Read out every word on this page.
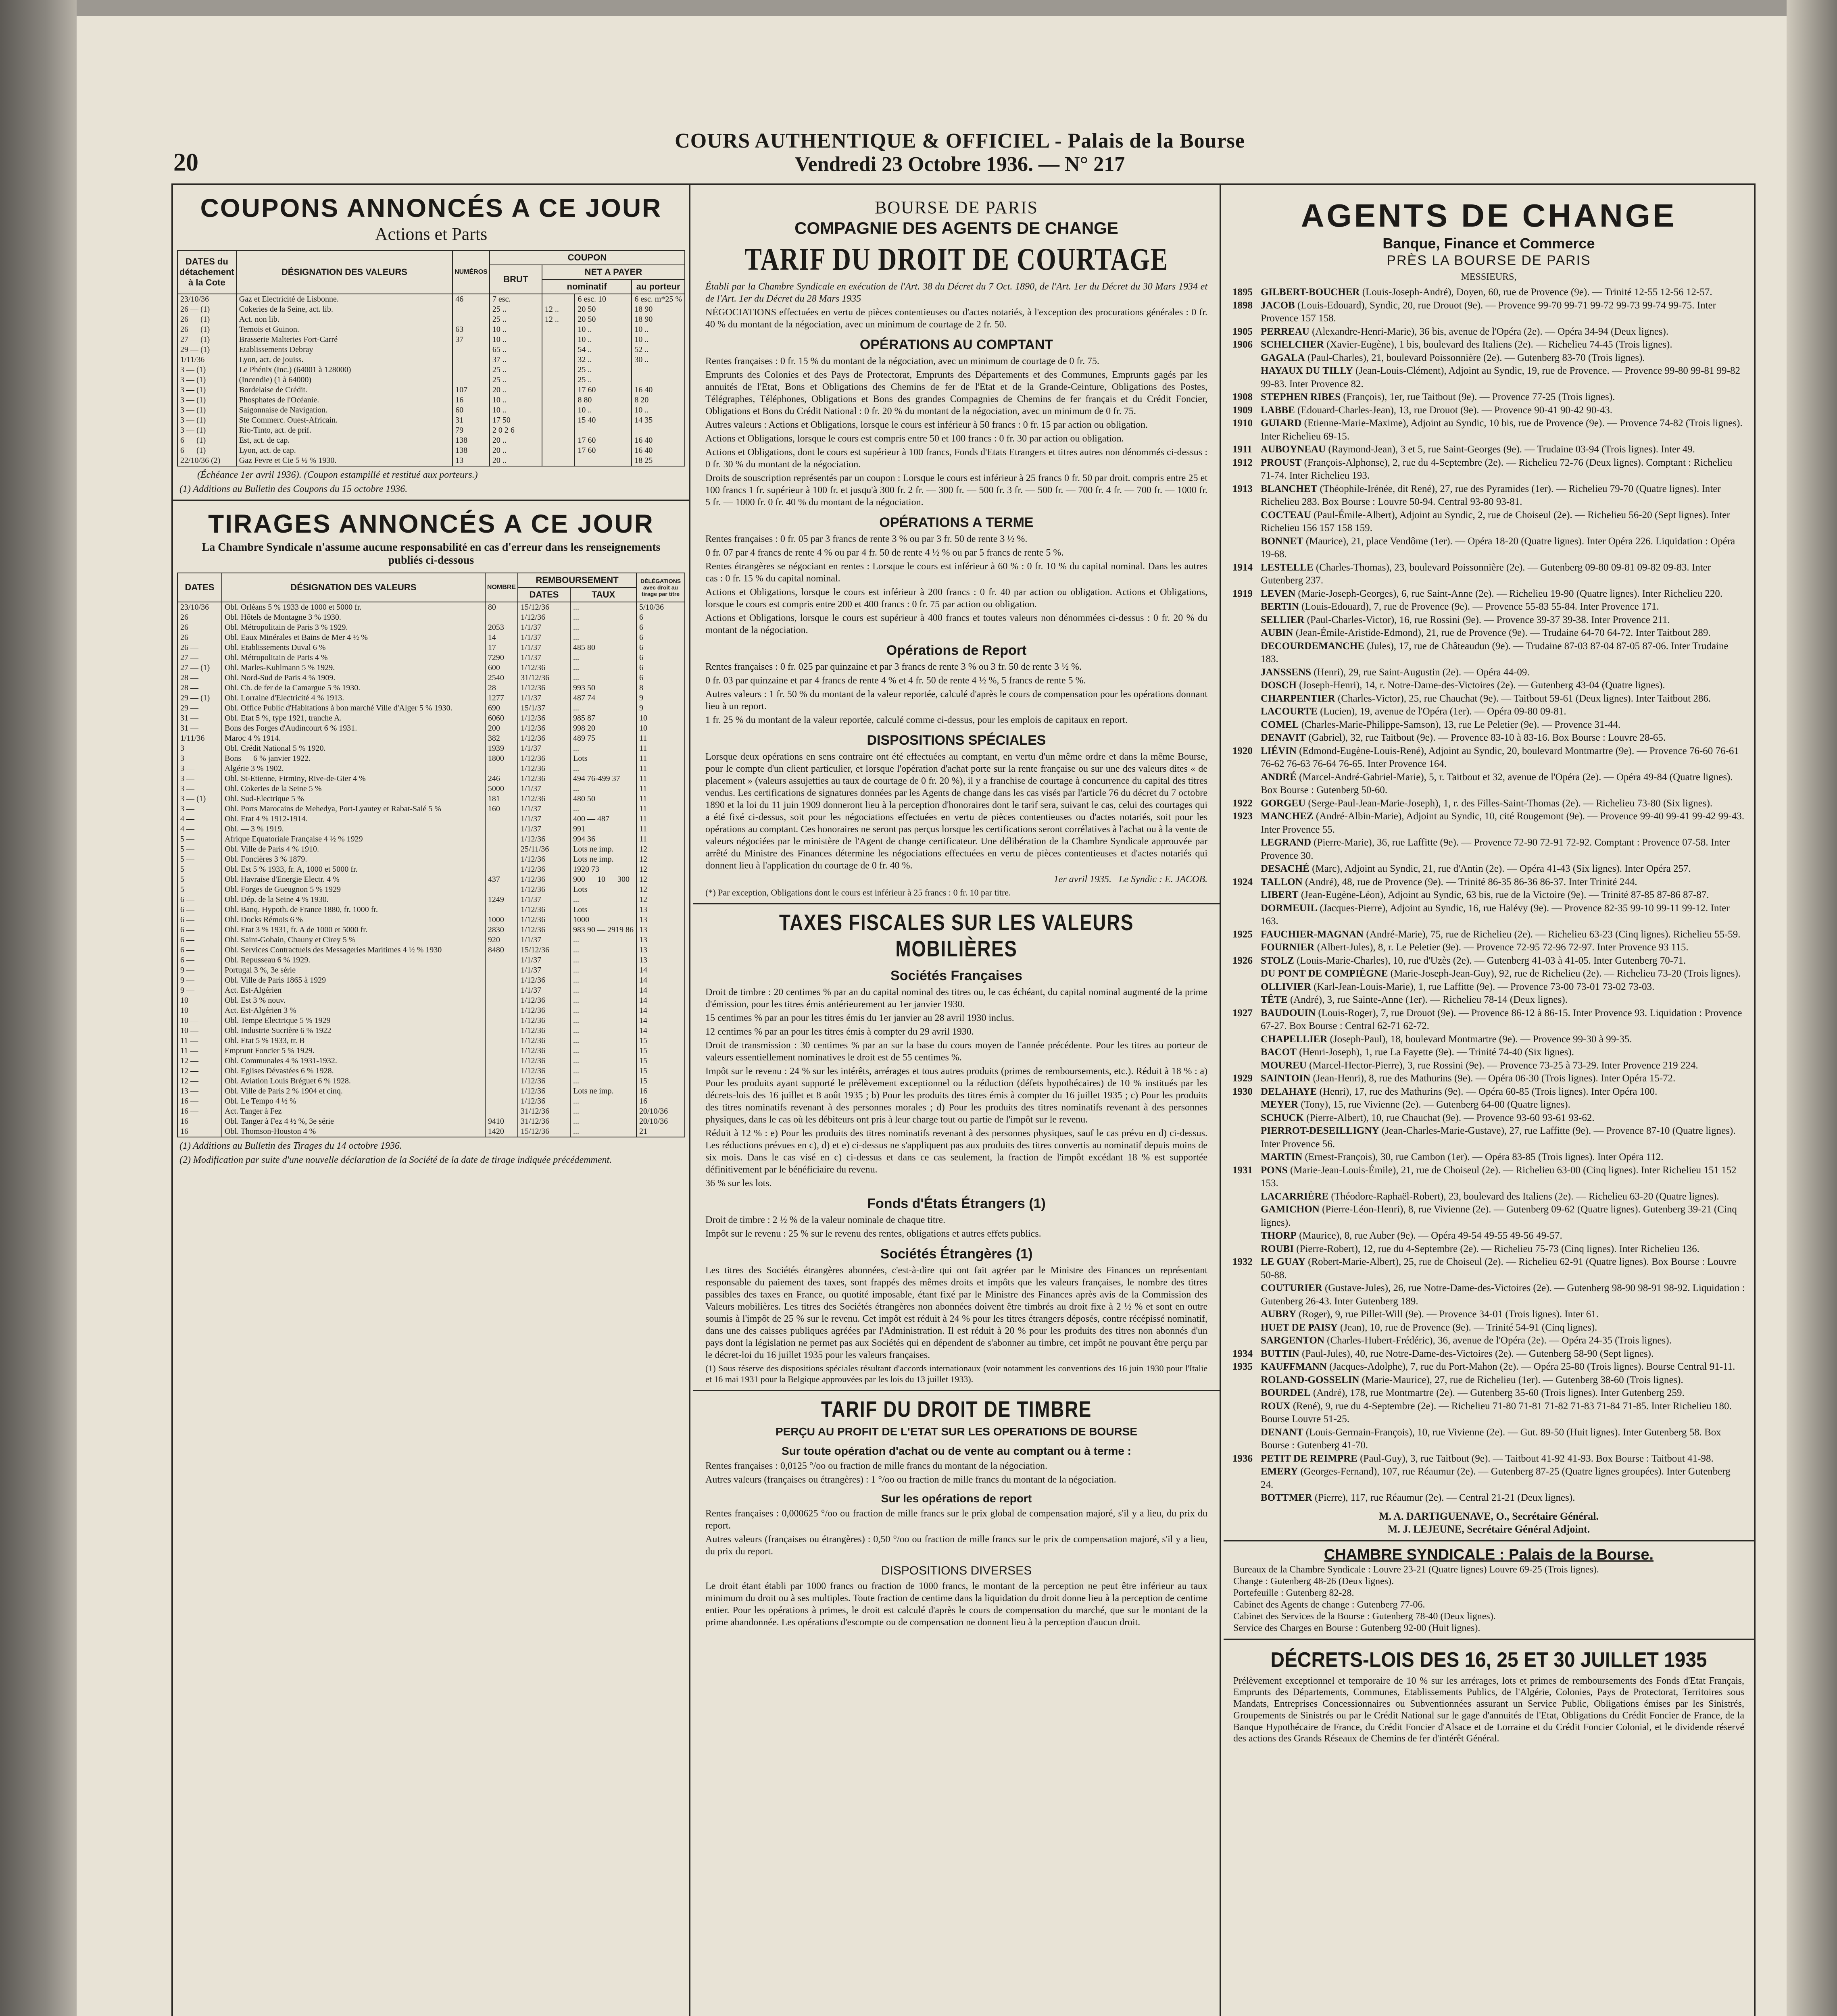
20
COURS AUTHENTIQUE & OFFICIEL - Palais de la Bourse
Vendredi 23 Octobre 1936. — N° 217
COUPONS ANNONCÉS A CE JOUR
Actions et Parts
DATES du détachement à la Cote	DÉSIGNATION DES VALEURS	NUMÉROS	COUPON			
			BRUT	NET A PAYER		
				nominatif		au porteur
23/10/36	Gaz et Electricité de Lisbonne.	46	7 esc.		6 esc. 10	6 esc. m*25 %
26 — (1)	Cokeries de la Seine, act. lib.		25 ..	12 ..	20 50	18 90
26 — (1)	Act. non lib.		25 ..	12 ..	20 50	18 90
26 — (1)	Ternois et Guinon.	63	10 ..		10 ..	10 ..
27 — (1)	Brasserie Malteries Fort-Carré	37	10 ..		10 ..	10 ..
29 — (1)	Etablissements Debray		65 ..		54 ..	52 ..
1/11/36	Lyon, act. de jouiss.		37 ..		32 ..	30 ..
3 — (1)	Le Phénix (Inc.) (64001 à 128000)		25 ..		25 ..	
3 — (1)	(Incendie) (1 à 64000)		25 ..		25 ..	
3 — (1)	Bordelaise de Crédit.	107	20 ..		17 60	16 40
3 — (1)	Phosphates de l'Océanie.	16	10 ..		8 80	8 20
3 — (1)	Saigonnaise de Navigation.	60	10 ..		10 ..	10 ..
3 — (1)	Ste Commerc. Ouest-Africain.	31	17 50		15 40	14 35
3 — (1)	Rio-Tinto, act. de prif.	79	2 0 2 6			
6 — (1)	Est, act. de cap.	138	20 ..		17 60	16 40
6 — (1)	Lyon, act. de cap.	138	20 ..		17 60	16 40
22/10/36 (2)	Gaz Fevre et Cie 5 ½ % 1930.	13	20 ..			18 25
(Échéance 1er avril 1936). (Coupon estampillé et restitué aux porteurs.)
(1) Additions au Bulletin des Coupons du 15 octobre 1936.
TIRAGES ANNONCÉS A CE JOUR
La Chambre Syndicale n'assume aucune responsabilité en cas d'erreur dans les renseignements publiés ci-dessous
DATES	DÉSIGNATION DES VALEURS	NOMBRE	REMBOURSEMENT		DÉLÉGATIONS avec droit au tirage par titre
			DATES	TAUX	
23/10/36	Obl. Orléans 5 % 1933 de 1000 et 5000 fr.	80	15/12/36	...	5/10/36
26 —	Obl. Hôtels de Montagne 3 % 1930.		1/12/36	...	6
26 —	Obl. Métropolitain de Paris 3 % 1929.	2053	1/1/37	...	6
26 —	Obl. Eaux Minérales et Bains de Mer 4 ½ %	14	1/1/37	...	6
26 —	Obl. Etablissements Duval 6 %	17	1/1/37	485 80	6
27 —	Obl. Métropolitain de Paris 4 %	7290	1/1/37	...	6
27 — (1)	Obl. Marles-Kuhlmann 5 % 1929.	600	1/12/36	...	6
28 —	Obl. Nord-Sud de Paris 4 % 1909.	2540	31/12/36	...	6
28 —	Obl. Ch. de fer de la Camargue 5 % 1930.	28	1/12/36	993 50	8
29 — (1)	Obl. Lorraine d'Electricité 4 % 1913.	1277	1/1/37	487 74	9
29 —	Obl. Office Public d'Habitations à bon marché Ville d'Alger 5 % 1930.	690	15/1/37	...	9
31 —	Obl. Etat 5 %, type 1921, tranche A.	6060	1/12/36	985 87	10
31 —	Bons des Forges d'Audincourt 6 % 1931.	200	1/12/36	998 20	10
1/11/36	Maroc 4 % 1914.	382	1/12/36	489 75	11
3 —	Obl. Crédit National 5 % 1920.	1939	1/1/37	...	11
3 —	Bons — 6 % janvier 1922.	1800	1/12/36	Lots	11
3 —	Algérie 3 % 1902.		1/12/36	...	11
3 —	Obl. St-Etienne, Firminy, Rive-de-Gier 4 %	246	1/12/36	494 76-499 37	11
3 —	Obl. Cokeries de la Seine 5 %	5000	1/1/37	...	11
3 — (1)	Obl. Sud-Electrique 5 %	181	1/12/36	480 50	11
3 —	Obl. Ports Marocains de Mehedya, Port-Lyautey et Rabat-Salé 5 %	160	1/1/37	...	11
4 —	Obl. Etat 4 % 1912-1914.		1/1/37	400 — 487	11
4 —	Obl. — 3 % 1919.		1/1/37	991	11
5 —	Afrique Equatoriale Française 4 ½ % 1929		1/12/36	994 36	11
5 —	Obl. Ville de Paris 4 % 1910.		25/11/36	Lots ne imp.	12
5 —	Obl. Foncières 3 % 1879.		1/12/36	Lots ne imp.	12
5 —	Obl. Est 5 % 1933, fr. A, 1000 et 5000 fr.		1/12/36	1920 73	12
5 —	Obl. Havraise d'Energie Electr. 4 %	437	1/12/36	900 — 10 — 300	12
5 —	Obl. Forges de Gueugnon 5 % 1929		1/12/36	Lots	12
6 —	Obl. Dép. de la Seine 4 % 1930.	1249	1/1/37	...	12
6 —	Obl. Banq. Hypoth. de France 1880, fr. 1000 fr.		1/12/36	Lots	13
6 —	Obl. Docks Rémois 6 %	1000	1/12/36	1000	13
6 —	Obl. Etat 3 % 1931, fr. A de 1000 et 5000 fr.	2830	1/12/36	983 90 — 2919 86	13
6 —	Obl. Saint-Gobain, Chauny et Cirey 5 %	920	1/1/37	...	13
6 —	Obl. Services Contractuels des Messageries Maritimes 4 ½ % 1930	8480	15/12/36	...	13
6 —	Obl. Repusseau 6 % 1929.		1/1/37	...	13
9 —	Portugal 3 %, 3e série		1/1/37	...	14
9 —	Obl. Ville de Paris 1865 à 1929		1/12/36	...	14
9 —	Act. Est-Algérien		1/1/37	...	14
10 —	Obl. Est 3 % nouv.		1/12/36	...	14
10 —	Act. Est-Algérien 3 %		1/12/36	...	14
10 —	Obl. Tempe Electrique 5 % 1929		1/12/36	...	14
10 —	Obl. Industrie Sucrière 6 % 1922		1/12/36	...	14
11 —	Obl. Etat 5 % 1933, tr. B		1/12/36	...	15
11 —	Emprunt Foncier 5 % 1929.		1/12/36	...	15
12 —	Obl. Communales 4 % 1931-1932.		1/12/36	...	15
12 —	Obl. Eglises Dévastées 6 % 1928.		1/12/36	...	15
12 —	Obl. Aviation Louis Bréguet 6 % 1928.		1/12/36	...	15
13 —	Obl. Ville de Paris 2 % 1904 et cinq.		1/12/36	Lots ne imp.	16
16 —	Obl. Le Tempo 4 ½ %		1/12/36	...	16
16 —	Act. Tanger à Fez		31/12/36	...	20/10/36
16 —	Obl. Tanger à Fez 4 ½ %, 3e série	9410	31/12/36	...	20/10/36
16 —	Obl. Thomson-Houston 4 %	1420	15/12/36	...	21
(1) Additions au Bulletin des Tirages du 14 octobre 1936.
(2) Modification par suite d'une nouvelle déclaration de la Société de la date de tirage indiquée précédemment.
BOURSE DE PARIS
COMPAGNIE DES AGENTS DE CHANGE
TARIF DU DROIT DE COURTAGE

Établi par la Chambre Syndicale en exécution de l'Art. 38 du Décret du 7 Oct. 1890, de l'Art. 1er du Décret du 30 Mars 1934 et de l'Art. 1er du Décret du 28 Mars 1935

NÉGOCIATIONS effectuées en vertu de pièces contentieuses ou d'actes notariés, à l'exception des procurations générales : 0 fr. 40 % du montant de la négociation, avec un minimum de courtage de 2 fr. 50.

OPÉRATIONS AU COMPTANT

Rentes françaises : 0 fr. 15 % du montant de la négociation, avec un minimum de courtage de 0 fr. 75.

Emprunts des Colonies et des Pays de Protectorat, Emprunts des Départements et des Communes, Emprunts gagés par les annuités de l'Etat, Bons et Obligations des Chemins de fer de l'Etat et de la Grande-Ceinture, Obligations des Postes, Télégraphes, Téléphones, Obligations et Bons des grandes Compagnies de Chemins de fer français et du Crédit Foncier, Obligations et Bons du Crédit National : 0 fr. 20 % du montant de la négociation, avec un minimum de 0 fr. 75.

Autres valeurs : Actions et Obligations, lorsque le cours est inférieur à 50 francs : 0 fr. 15 par action ou obligation.

Actions et Obligations, lorsque le cours est compris entre 50 et 100 francs : 0 fr. 30 par action ou obligation.

Actions et Obligations, dont le cours est supérieur à 100 francs, Fonds d'Etats Etrangers et titres autres non dénommés ci-dessus : 0 fr. 30 % du montant de la négociation.

Droits de souscription représentés par un coupon : Lorsque le cours est inférieur à 25 francs 0 fr. 50 par droit. compris entre 25 et 100 francs 1 fr. supérieur à 100 fr. et jusqu'à 300 fr. 2 fr. — 300 fr. — 500 fr. 3 fr. — 500 fr. — 700 fr. 4 fr. — 700 fr. — 1000 fr. 5 fr. — 1000 fr. 0 fr. 40 % du montant de la négociation.

OPÉRATIONS A TERME

Rentes françaises : 0 fr. 05 par 3 francs de rente 3 % ou par 3 fr. 50 de rente 3 ½ %.

0 fr. 07 par 4 francs de rente 4 % ou par 4 fr. 50 de rente 4 ½ % ou par 5 francs de rente 5 %.

Rentes étrangères se négociant en rentes : Lorsque le cours est inférieur à 60 % : 0 fr. 10 % du capital nominal. Dans les autres cas : 0 fr. 15 % du capital nominal.

Actions et Obligations, lorsque le cours est inférieur à 200 francs : 0 fr. 40 par action ou obligation. Actions et Obligations, lorsque le cours est compris entre 200 et 400 francs : 0 fr. 75 par action ou obligation.

Actions et Obligations, lorsque le cours est supérieur à 400 francs et toutes valeurs non dénommées ci-dessus : 0 fr. 20 % du montant de la négociation.

Opérations de Report

Rentes françaises : 0 fr. 025 par quinzaine et par 3 francs de rente 3 % ou 3 fr. 50 de rente 3 ½ %.

0 fr. 03 par quinzaine et par 4 francs de rente 4 % et 4 fr. 50 de rente 4 ½ %, 5 francs de rente 5 %.

Autres valeurs : 1 fr. 50 % du montant de la valeur reportée, calculé d'après le cours de compensation pour les opérations donnant lieu à un report.

1 fr. 25 % du montant de la valeur reportée, calculé comme ci-dessus, pour les emplois de capitaux en report.

DISPOSITIONS SPÉCIALES

Lorsque deux opérations en sens contraire ont été effectuées au comptant, en vertu d'un même ordre et dans la même Bourse, pour le compte d'un client particulier, et lorsque l'opération d'achat porte sur la rente française ou sur une des valeurs dites « de placement » (valeurs assujetties au taux de courtage de 0 fr. 20 %), il y a franchise de courtage à concurrence du capital des titres vendus. Les certifications de signatures données par les Agents de change dans les cas visés par l'article 76 du décret du 7 octobre 1890 et la loi du 11 juin 1909 donneront lieu à la perception d'honoraires dont le tarif sera, suivant le cas, celui des courtages qui a été fixé ci-dessus, soit pour les négociations effectuées en vertu de pièces contentieuses ou d'actes notariés, soit pour les opérations au comptant. Ces honoraires ne seront pas perçus lorsque les certifications seront corrélatives à l'achat ou à la vente de valeurs négociées par le ministère de l'Agent de change certificateur. Une délibération de la Chambre Syndicale approuvée par arrêté du Ministre des Finances détermine les négociations effectuées en vertu de pièces contentieuses et d'actes notariés qui donnent lieu à l'application du courtage de 0 fr. 40 %.

1er avril 1935. Le Syndic : E. JACOB.

(*) Par exception, Obligations dont le cours est inférieur à 25 francs : 0 fr. 10 par titre.

TAXES FISCALES SUR LES VALEURS MOBILIÈRES
Sociétés Françaises

Droit de timbre : 20 centimes % par an du capital nominal des titres ou, le cas échéant, du capital nominal augmenté de la prime d'émission, pour les titres émis antérieurement au 1er janvier 1930.

15 centimes % par an pour les titres émis du 1er janvier au 28 avril 1930 inclus.

12 centimes % par an pour les titres émis à compter du 29 avril 1930.

Droit de transmission : 30 centimes % par an sur la base du cours moyen de l'année précédente. Pour les titres au porteur de valeurs essentiellement nominatives le droit est de 55 centimes %.

Impôt sur le revenu : 24 % sur les intérêts, arrérages et tous autres produits (primes de remboursements, etc.). Réduit à 18 % : a) Pour les produits ayant supporté le prélèvement exceptionnel ou la réduction (défets hypothécaires) de 10 % institués par les décrets-lois des 16 juillet et 8 août 1935 ; b) Pour les produits des titres émis à compter du 16 juillet 1935 ; c) Pour les produits des titres nominatifs revenant à des personnes morales ; d) Pour les produits des titres nominatifs revenant à des personnes physiques, dans le cas où les débiteurs ont pris à leur charge tout ou partie de l'impôt sur le revenu.

Réduit à 12 % : e) Pour les produits des titres nominatifs revenant à des personnes physiques, sauf le cas prévu en d) ci-dessus. Les réductions prévues en c), d) et e) ci-dessus ne s'appliquent pas aux produits des titres convertis au nominatif depuis moins de six mois. Dans le cas visé en c) ci-dessus et dans ce cas seulement, la fraction de l'impôt excédant 18 % est supportée définitivement par le bénéficiaire du revenu.

36 % sur les lots.

Fonds d'États Étrangers (1)

Droit de timbre : 2 ½ % de la valeur nominale de chaque titre.

Impôt sur le revenu : 25 % sur le revenu des rentes, obligations et autres effets publics.

Sociétés Étrangères (1)

Les titres des Sociétés étrangères abonnées, c'est-à-dire qui ont fait agréer par le Ministre des Finances un représentant responsable du paiement des taxes, sont frappés des mêmes droits et impôts que les valeurs françaises, le nombre des titres passibles des taxes en France, ou quotité imposable, étant fixé par le Ministre des Finances après avis de la Commission des Valeurs mobilières. Les titres des Sociétés étrangères non abonnées doivent être timbrés au droit fixe à 2 ½ % et sont en outre soumis à l'impôt de 25 % sur le revenu. Cet impôt est réduit à 24 % pour les titres étrangers déposés, contre récépissé nominatif, dans une des caisses publiques agréées par l'Administration. Il est réduit à 20 % pour les produits des titres non abonnés d'un pays dont la législation ne permet pas aux Sociétés qui en dépendent de s'abonner au timbre, cet impôt ne pouvant être perçu par le décret-loi du 16 juillet 1935 pour les valeurs françaises.

(1) Sous réserve des dispositions spéciales résultant d'accords internationaux (voir notamment les conventions des 16 juin 1930 pour l'Italie et 16 mai 1931 pour la Belgique approuvées par les lois du 13 juillet 1933).

TARIF DU DROIT DE TIMBRE
PERÇU AU PROFIT DE L'ETAT SUR LES OPERATIONS DE BOURSE
Sur toute opération d'achat ou de vente au comptant ou à terme :

Rentes françaises : 0,0125 °/oo ou fraction de mille francs du montant de la négociation.

Autres valeurs (françaises ou étrangères) : 1 °/oo ou fraction de mille francs du montant de la négociation.

Sur les opérations de report

Rentes françaises : 0,000625 °/oo ou fraction de mille francs sur le prix global de compensation majoré, s'il y a lieu, du prix du report.

Autres valeurs (françaises ou étrangères) : 0,50 °/oo ou fraction de mille francs sur le prix de compensation majoré, s'il y a lieu, du prix du report.

DISPOSITIONS DIVERSES

Le droit étant établi par 1000 francs ou fraction de 1000 francs, le montant de la perception ne peut être inférieur au taux minimum du droit ou à ses multiples. Toute fraction de centime dans la liquidation du droit donne lieu à la perception de centime entier. Pour les opérations à primes, le droit est calculé d'après le cours de compensation du marché, que sur le montant de la prime abandonnée. Les opérations d'escompte ou de compensation ne donnent lieu à la perception d'aucun droit.

AGENTS DE CHANGE
Banque, Finance et Commerce
PRÈS LA BOURSE DE PARIS
MESSIEURS,
1895 GILBERT-BOUCHER (Louis-Joseph-André), Doyen, 60, rue de Provence (9e). — Trinité 12-55 12-56 12-57.
1898 JACOB (Louis-Edouard), Syndic, 20, rue Drouot (9e). — Provence 99-70 99-71 99-72 99-73 99-74 99-75. Inter Provence 157 158.
1905 PERREAU (Alexandre-Henri-Marie), 36 bis, avenue de l'Opéra (2e). — Opéra 34-94 (Deux lignes).
1906 SCHELCHER (Xavier-Eugène), 1 bis, boulevard des Italiens (2e). — Richelieu 74-45 (Trois lignes).
GAGALA (Paul-Charles), 21, boulevard Poissonnière (2e). — Gutenberg 83-70 (Trois lignes).
HAYAUX DU TILLY (Jean-Louis-Clément), Adjoint au Syndic, 19, rue de Provence. — Provence 99-80 99-81 99-82 99-83. Inter Provence 82.
1908 STEPHEN RIBES (François), 1er, rue Taitbout (9e). — Provence 77-25 (Trois lignes).
1909 LABBE (Edouard-Charles-Jean), 13, rue Drouot (9e). — Provence 90-41 90-42 90-43.
1910 GUIARD (Etienne-Marie-Maxime), Adjoint au Syndic, 10 bis, rue de Provence (9e). — Provence 74-82 (Trois lignes). Inter Richelieu 69-15.
1911 AUBOYNEAU (Raymond-Jean), 3 et 5, rue Saint-Georges (9e). — Trudaine 03-94 (Trois lignes). Inter 49.
1912 PROUST (François-Alphonse), 2, rue du 4-Septembre (2e). — Richelieu 72-76 (Deux lignes). Comptant : Richelieu 71-74. Inter Richelieu 193.
1913 BLANCHET (Théophile-Irénée, dit René), 27, rue des Pyramides (1er). — Richelieu 79-70 (Quatre lignes). Inter Richelieu 283. Box Bourse : Louvre 50-94. Central 93-80 93-81.
COCTEAU (Paul-Émile-Albert), Adjoint au Syndic, 2, rue de Choiseul (2e). — Richelieu 56-20 (Sept lignes). Inter Richelieu 156 157 158 159.
BONNET (Maurice), 21, place Vendôme (1er). — Opéra 18-20 (Quatre lignes). Inter Opéra 226. Liquidation : Opéra 19-68.
1914 LESTELLE (Charles-Thomas), 23, boulevard Poissonnière (2e). — Gutenberg 09-80 09-81 09-82 09-83. Inter Gutenberg 237.
1919 LEVEN (Marie-Joseph-Georges), 6, rue Saint-Anne (2e). — Richelieu 19-90 (Quatre lignes). Inter Richelieu 220.
BERTIN (Louis-Edouard), 7, rue de Provence (9e). — Provence 55-83 55-84. Inter Provence 171.
SELLIER (Paul-Charles-Victor), 16, rue Rossini (9e). — Provence 39-37 39-38. Inter Provence 211.
AUBIN (Jean-Émile-Aristide-Edmond), 21, rue de Provence (9e). — Trudaine 64-70 64-72. Inter Taitbout 289.
DECOURDEMANCHE (Jules), 17, rue de Châteaudun (9e). — Trudaine 87-03 87-04 87-05 87-06. Inter Trudaine 183.
JANSSENS (Henri), 29, rue Saint-Augustin (2e). — Opéra 44-09.
DOSCH (Joseph-Henri), 14, r. Notre-Dame-des-Victoires (2e). — Gutenberg 43-04 (Quatre lignes).
CHARPENTIER (Charles-Victor), 25, rue Chauchat (9e). — Taitbout 59-61 (Deux lignes). Inter Taitbout 286.
LACOURTE (Lucien), 19, avenue de l'Opéra (1er). — Opéra 09-80 09-81.
COMEL (Charles-Marie-Philippe-Samson), 13, rue Le Peletier (9e). — Provence 31-44.
DENAVIT (Gabriel), 32, rue Taitbout (9e). — Provence 83-10 à 83-16. Box Bourse : Louvre 28-65.
1920 LIÉVIN (Edmond-Eugène-Louis-René), Adjoint au Syndic, 20, boulevard Montmartre (9e). — Provence 76-60 76-61 76-62 76-63 76-64 76-65. Inter Provence 164.
ANDRÉ (Marcel-André-Gabriel-Marie), 5, r. Taitbout et 32, avenue de l'Opéra (2e). — Opéra 49-84 (Quatre lignes). Box Bourse : Gutenberg 50-60.
1922 GORGEU (Serge-Paul-Jean-Marie-Joseph), 1, r. des Filles-Saint-Thomas (2e). — Richelieu 73-80 (Six lignes).
1923 MANCHEZ (André-Albin-Marie), Adjoint au Syndic, 10, cité Rougemont (9e). — Provence 99-40 99-41 99-42 99-43. Inter Provence 55.
LEGRAND (Pierre-Marie), 36, rue Laffitte (9e). — Provence 72-90 72-91 72-92. Comptant : Provence 07-58. Inter Provence 30.
DESACHÉ (Marc), Adjoint au Syndic, 21, rue d'Antin (2e). — Opéra 41-43 (Six lignes). Inter Opéra 257.
1924 TALLON (André), 48, rue de Provence (9e). — Trinité 86-35 86-36 86-37. Inter Trinité 244.
LIBERT (Jean-Eugène-Léon), Adjoint au Syndic, 63 bis, rue de la Victoire (9e). — Trinité 87-85 87-86 87-87.
DORMEUIL (Jacques-Pierre), Adjoint au Syndic, 16, rue Halévy (9e). — Provence 82-35 99-10 99-11 99-12. Inter 163.
1925 FAUCHIER-MAGNAN (André-Marie), 75, rue de Richelieu (2e). — Richelieu 63-23 (Cinq lignes). Richelieu 55-59.
FOURNIER (Albert-Jules), 8, r. Le Peletier (9e). — Provence 72-95 72-96 72-97. Inter Provence 93 115.
1926 STOLZ (Louis-Marie-Charles), 10, rue d'Uzès (2e). — Gutenberg 41-03 à 41-05. Inter Gutenberg 70-71.
DU PONT DE COMPIÈGNE (Marie-Joseph-Jean-Guy), 92, rue de Richelieu (2e). — Richelieu 73-20 (Trois lignes).
OLLIVIER (Karl-Jean-Louis-Marie), 1, rue Laffitte (9e). — Provence 73-00 73-01 73-02 73-03.
TÊTE (André), 3, rue Sainte-Anne (1er). — Richelieu 78-14 (Deux lignes).
1927 BAUDOUIN (Louis-Roger), 7, rue Drouot (9e). — Provence 86-12 à 86-15. Inter Provence 93. Liquidation : Provence 67-27. Box Bourse : Central 62-71 62-72.
CHAPELLIER (Joseph-Paul), 18, boulevard Montmartre (9e). — Provence 99-30 à 99-35.
BACOT (Henri-Joseph), 1, rue La Fayette (9e). — Trinité 74-40 (Six lignes).
MOUREU (Marcel-Hector-Pierre), 3, rue Rossini (9e). — Provence 73-25 à 73-29. Inter Provence 219 224.
1929 SAINTOIN (Jean-Henri), 8, rue des Mathurins (9e). — Opéra 06-30 (Trois lignes). Inter Opéra 15-72.
1930 DELAHAYE (Henri), 17, rue des Mathurins (9e). — Opéra 60-85 (Trois lignes). Inter Opéra 100.
MEYER (Tony), 15, rue Vivienne (2e). — Gutenberg 64-00 (Quatre lignes).
SCHUCK (Pierre-Albert), 10, rue Chauchat (9e). — Provence 93-60 93-61 93-62.
PIERROT-DESEILLIGNY (Jean-Charles-Marie-Gustave), 27, rue Laffitte (9e). — Provence 87-10 (Quatre lignes). Inter Provence 56.
MARTIN (Ernest-François), 30, rue Cambon (1er). — Opéra 83-85 (Trois lignes). Inter Opéra 112.
1931 PONS (Marie-Jean-Louis-Émile), 21, rue de Choiseul (2e). — Richelieu 63-00 (Cinq lignes). Inter Richelieu 151 152 153.
LACARRIÈRE (Théodore-Raphaël-Robert), 23, boulevard des Italiens (2e). — Richelieu 63-20 (Quatre lignes).
GAMICHON (Pierre-Léon-Henri), 8, rue Vivienne (2e). — Gutenberg 09-62 (Quatre lignes). Gutenberg 39-21 (Cinq lignes).
THORP (Maurice), 8, rue Auber (9e). — Opéra 49-54 49-55 49-56 49-57.
ROUBI (Pierre-Robert), 12, rue du 4-Septembre (2e). — Richelieu 75-73 (Cinq lignes). Inter Richelieu 136.
1932 LE GUAY (Robert-Marie-Albert), 25, rue de Choiseul (2e). — Richelieu 62-91 (Quatre lignes). Box Bourse : Louvre 50-88.
COUTURIER (Gustave-Jules), 26, rue Notre-Dame-des-Victoires (2e). — Gutenberg 98-90 98-91 98-92. Liquidation : Gutenberg 26-43. Inter Gutenberg 189.
AUBRY (Roger), 9, rue Pillet-Will (9e). — Provence 34-01 (Trois lignes). Inter 61.
HUET DE PAISY (Jean), 10, rue de Provence (9e). — Trinité 54-91 (Cinq lignes).
SARGENTON (Charles-Hubert-Frédéric), 36, avenue de l'Opéra (2e). — Opéra 24-35 (Trois lignes).
1934 BUTTIN (Paul-Jules), 40, rue Notre-Dame-des-Victoires (2e). — Gutenberg 58-90 (Sept lignes).
1935 KAUFFMANN (Jacques-Adolphe), 7, rue du Port-Mahon (2e). — Opéra 25-80 (Trois lignes). Bourse Central 91-11.
ROLAND-GOSSELIN (Marie-Maurice), 27, rue de Richelieu (1er). — Gutenberg 38-60 (Trois lignes).
BOURDEL (André), 178, rue Montmartre (2e). — Gutenberg 35-60 (Trois lignes). Inter Gutenberg 259.
ROUX (René), 9, rue du 4-Septembre (2e). — Richelieu 71-80 71-81 71-82 71-83 71-84 71-85. Inter Richelieu 180. Bourse Louvre 51-25.
DENANT (Louis-Germain-François), 10, rue Vivienne (2e). — Gut. 89-50 (Huit lignes). Inter Gutenberg 58. Box Bourse : Gutenberg 41-70.
1936 PETIT DE REIMPRE (Paul-Guy), 3, rue Taitbout (9e). — Taitbout 41-92 41-93. Box Bourse : Taitbout 41-98.
EMERY (Georges-Fernand), 107, rue Réaumur (2e). — Gutenberg 87-25 (Quatre lignes groupées). Inter Gutenberg 24.
BOTTMER (Pierre), 117, rue Réaumur (2e). — Central 21-21 (Deux lignes).
M. A. DARTIGUENAVE, O., Secrétaire Général.
M. J. LEJEUNE, Secrétaire Général Adjoint.
CHAMBRE SYNDICALE : Palais de la Bourse.
Bureaux de la Chambre Syndicale : Louvre 23-21 (Quatre lignes) Louvre 69-25 (Trois lignes).
Change : Gutenberg 48-26 (Deux lignes).
Portefeuille : Gutenberg 82-28.
Cabinet des Agents de change : Gutenberg 77-06.
Cabinet des Services de la Bourse : Gutenberg 78-40 (Deux lignes).
Service des Charges en Bourse : Gutenberg 92-00 (Huit lignes).
DÉCRETS-LOIS DES 16, 25 ET 30 JUILLET 1935

Prélèvement exceptionnel et temporaire de 10 % sur les arrérages, lots et primes de remboursements des Fonds d'Etat Français, Emprunts des Départements, Communes, Etablissements Publics, de l'Algérie, Colonies, Pays de Protectorat, Territoires sous Mandats, Entreprises Concessionnaires ou Subventionnées assurant un Service Public, Obligations émises par les Sinistrés, Groupements de Sinistrés ou par le Crédit National sur le gage d'annuités de l'Etat, Obligations du Crédit Foncier de France, de la Banque Hypothécaire de France, du Crédit Foncier d'Alsace et de Lorraine et du Crédit Foncier Colonial, et le dividende réservé des actions des Grands Réseaux de Chemins de fer d'intérêt Général.
